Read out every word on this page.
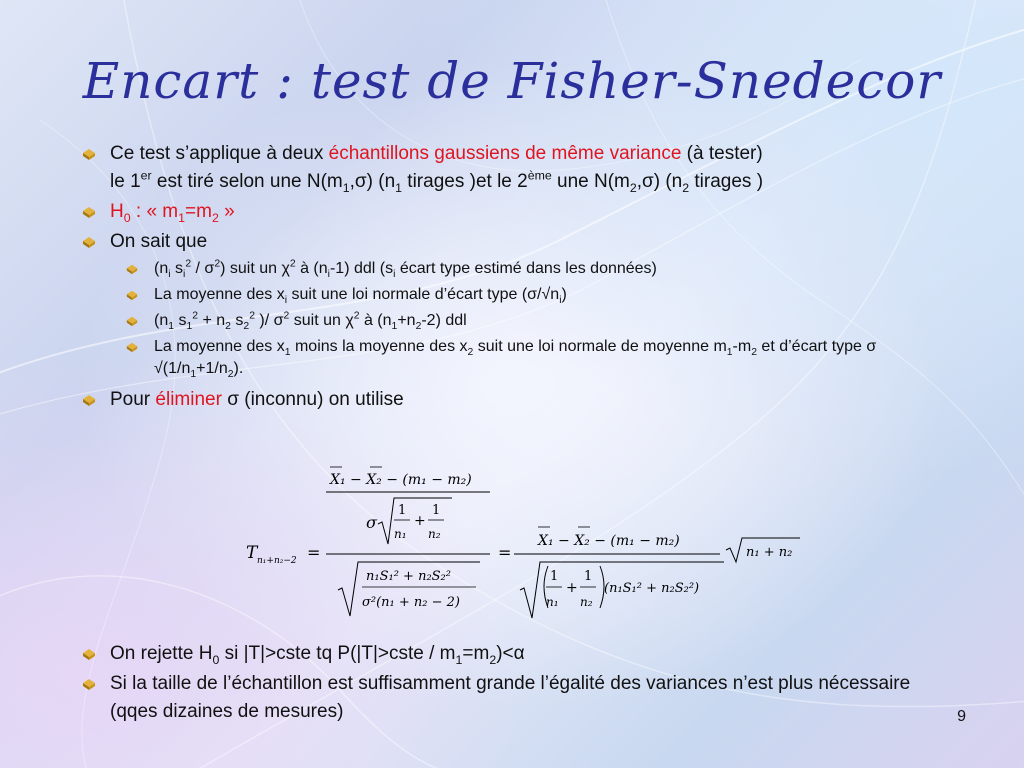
Encart : test de Fisher-Snedecor
Ce test s’applique à deux échantillons gaussiens de même variance (à tester)
le 1er est tiré selon une $N(m_1,\sigma)$ ($n_1$ tirages )et le 2ème une $N(m_2,\sigma)$ ($n_2$ tirages )
$H_0$ : « $m_1=m_2$ »
On sait que
($n_i$ $s_i^2 / \sigma^2$) suit un $\chi^2$ à $(n_i-1)$ ddl ($s_i$ écart type estimé dans les données)
La moyenne des $x_i$ suit une loi normale d’écart type $(\sigma/√n_i)$
($n_1$ $s_1^2 + n_2$ $s_2^2$ )/ $\sigma^2$ suit un $\chi^2$ à $(n_1+n_2-2)$ ddl
La moyenne des $x_1$ moins la moyenne des $x_2$ suit une loi normale de moyenne $m_1-m_2$ et d’écart type σ $√(1/n_1+1/n_2)$.
Pour éliminer σ (inconnu) on utilise
T n₁+n₂−2 =
X₁ − X₂ − (m₁ − m₂)
σ
1
n₁
+
1
n₂
n₁S₁² + n₂S₂²
σ²(n₁ + n₂ − 2)
=
X₁ − X₂ − (m₁ − m₂)
1
n₁
+
1
n₂
(n₁S₁² + n₂S₂²)
n₁ + n₂
On rejette $H_0$ si |T|>cste tq P(|T|>cste / $m_1=m_2)<\alpha$
Si la taille de l’échantillon est suffisamment grande l’égalité des variances n’est plus nécessaire (qqes dizaines de mesures)	9
